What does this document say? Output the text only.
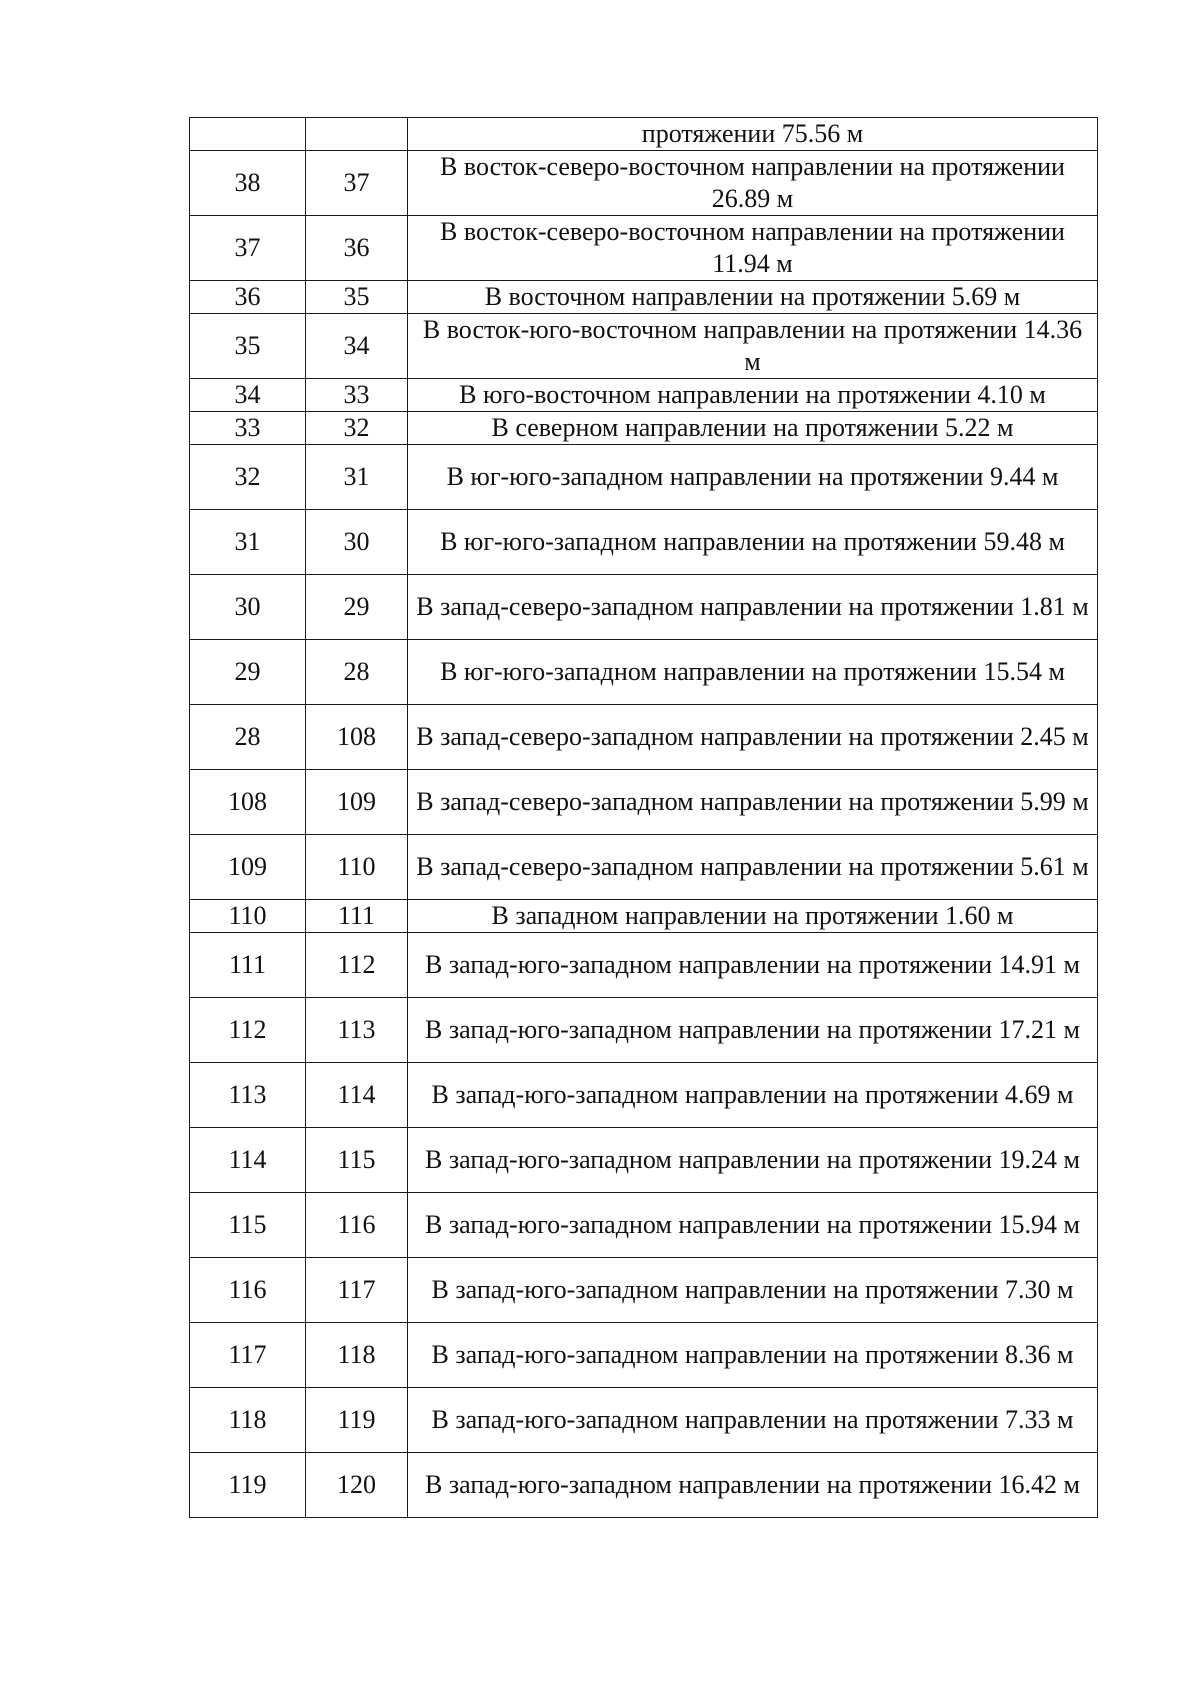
		протяжении 75.56 м
38	37	В восток-северо-восточном направлении на протяжении 26.89 м
37	36	В восток-северо-восточном направлении на протяжении 11.94 м
36	35	В восточном направлении на протяжении 5.69 м
35	34	В восток-юго-восточном направлении на протяжении 14.36 м
34	33	В юго-восточном направлении на протяжении 4.10 м
33	32	В северном направлении на протяжении 5.22 м
32	31	В юг-юго-западном направлении на протяжении 9.44 м
31	30	В юг-юго-западном направлении на протяжении 59.48 м
30	29	В запад-северо-западном направлении на протяжении 1.81 м
29	28	В юг-юго-западном направлении на протяжении 15.54 м
28	108	В запад-северо-западном направлении на протяжении 2.45 м
108	109	В запад-северо-западном направлении на протяжении 5.99 м
109	110	В запад-северо-западном направлении на протяжении 5.61 м
110	111	В западном направлении на протяжении 1.60 м
111	112	В запад-юго-западном направлении на протяжении 14.91 м
112	113	В запад-юго-западном направлении на протяжении 17.21 м
113	114	В запад-юго-западном направлении на протяжении 4.69 м
114	115	В запад-юго-западном направлении на протяжении 19.24 м
115	116	В запад-юго-западном направлении на протяжении 15.94 м
116	117	В запад-юго-западном направлении на протяжении 7.30 м
117	118	В запад-юго-западном направлении на протяжении 8.36 м
118	119	В запад-юго-западном направлении на протяжении 7.33 м
119	120	В запад-юго-западном направлении на протяжении 16.42 м
